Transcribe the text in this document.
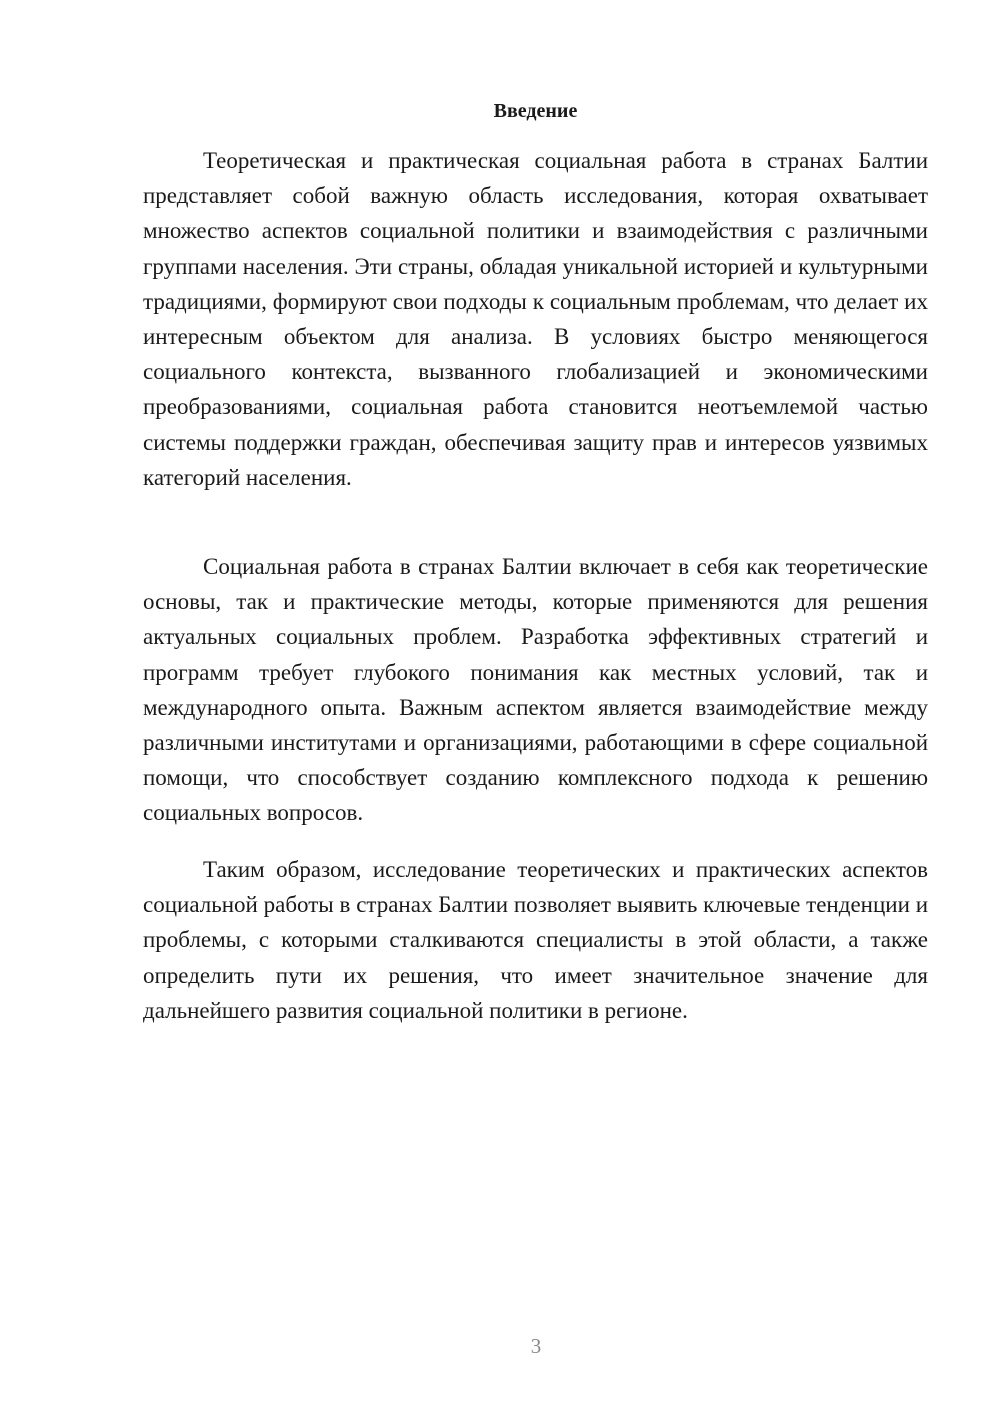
Введение

Теоретическая и практическая социальная работа в странах Балтии представляет собой важную область исследования, которая охватывает множество аспектов социальной политики и взаимодействия с различными группами населения. Эти страны, обладая уникальной историей и культурными традициями, формируют свои подходы к социальным проблемам, что делает их интересным объектом для анализа. В условиях быстро меняющегося социального контекста, вызванного глобализацией и экономическими преобразованиями, социальная работа становится неотъемлемой частью системы поддержки граждан, обеспечивая защиту прав и интересов уязвимых категорий населения.

Социальная работа в странах Балтии включает в себя как теоретические основы, так и практические методы, которые применяются для решения актуальных социальных проблем. Разработка эффективных стратегий и программ требует глубокого понимания как местных условий, так и международного опыта. Важным аспектом является взаимодействие между различными институтами и организациями, работающими в сфере социальной помощи, что способствует созданию комплексного подхода к решению социальных вопросов.

Таким образом, исследование теоретических и практических аспектов социальной работы в странах Балтии позволяет выявить ключевые тенденции и проблемы, с которыми сталкиваются специалисты в этой области, а также определить пути их решения, что имеет значительное значение для дальнейшего развития социальной политики в регионе.

3
